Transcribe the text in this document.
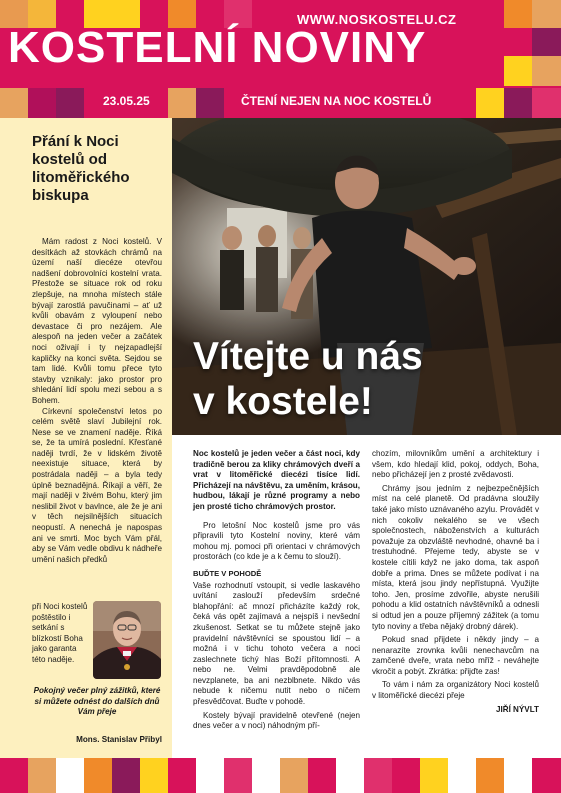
WWW.NOSKOSTELU.CZ
KOSTELNÍ NOVINY
23.05.25	ČTENÍ NEJEN NA NOC KOSTELŮ
Přání k Noci kostelů od litoměřického biskupa

Mám radost z Noci kostelů. V desítkách až stovkách chrámů na území naší diecéze otevřou nadšení dobrovolníci kostelní vrata. Přestože se situace rok od roku zlepšuje, na mnoha místech stále bývají zarostlá pavučinami – ať už kvůli obavám z vyloupení nebo devastace či pro nezájem. Ale alespoň na jeden večer a začátek noci oživají i ty nejzapadlejší kapličky na konci světa. Sejdou se tam lidé. Kvůli tomu přece tyto stavby vznikaly: jako prostor pro shledání lidí spolu mezi sebou a s Bohem.

Církevní společenství letos po celém světě slaví Jubilejní rok. Nese se ve znamení naděje. Říká se, že ta umírá poslední. Křesťané naději tvrdí, že v lidském životě neexistuje situace, která by postrádala naději – a byla tedy úplně beznadějná. Říkají a věří, že mají naději v živém Bohu, který jim neslibil život v bavlnce, ale že je ani v těch nejsilnějších situacích neopustí. A nenechá je napospas ani ve smrti. Moc bych Vám přál, aby se Vám vedle obdivu k nádheře umění našich předků

při Noci kostelů poštěstilo i setkání s blízkostí Boha jako garanta této naděje.
Pokojný večer plný zážitků, které si můžete odnést do dalších dnů Vám přeje
Mons. Stanislav Přibyl
Vítejte u nás
v kostele!

Noc kostelů je jeden večer a část noci, kdy tradičně berou za kliky chrámových dveří a vrat v litoměřické diecézi tisíce lidí. Přicházejí na návštěvu, za uměním, krásou, hudbou, lákají je různé programy a nebo jen prosté ticho chrámových prostor.

Pro letošní Noc kostelů jsme pro vás připravili tyto Kostelní noviny, které vám mohou mj. pomoci při orientaci v chrámových prostorách (co kde je a k čemu to slouží).

BUĎTE V POHODĚ

Vaše rozhodnutí vstoupit, si vedle laskavého uvítání zaslouží především srdečné blahopřání: ač mnozí přicházíte každý rok, čeká vás opět zajímavá a nejspíš i nevšední zkušenost. Setkat se tu můžete stejně jako pravidelní návštěvníci se spoustou lidí – a možná i v tichu tohoto večera a noci zaslechnete tichý hlas Boží přítomnosti. A nebo ne. Velmi pravděpodobně ale nevzplanete, ba ani nezblbnete. Nikdo vás nebude k ničemu nutit nebo o ničem přesvědčovat. Buďte v pohodě.

Kostely bývají pravidelně otevřené (nejen dnes večer a v noci) náhodným pří-

chozím, milovníkům umění a architektury i všem, kdo hledají klid, pokoj, oddych, Boha, nebo přicházejí jen z prosté zvědavosti.

Chrámy jsou jedním z nejbezpečnějších míst na celé planetě. Od pradávna sloužily také jako místo uznávaného azylu. Provádět v nich cokoliv nekalého se ve všech společnostech, náboženstvích a kulturách považuje za obzvláště nevhodné, ohavné ba i trestuhodné. Přejeme tedy, abyste se v kostele cítili když ne jako doma, tak aspoň dobře a prima. Dnes se můžete podívat i na místa, která jsou jindy nepřístupná. Využijte toho. Jen, prosíme zdvořile, abyste nerušili pohodu a klid ostatních návštěvníků a odnesli si odtud jen a pouze příjemný zážitek (a tomu tyto noviny a třeba nějaký drobný dárek).

Pokud snad přijdete i někdy jindy – a nenarazíte zrovnka kvůli nenechavcům na zamčené dveře, vrata nebo mříž - neváhejte vkročit a pobýt. Zkrátka: přijďte zas!

To vám i nám za organizátory Noci kostelů v litoměřické diecézi přeje

JIŘÍ NÝVLT
